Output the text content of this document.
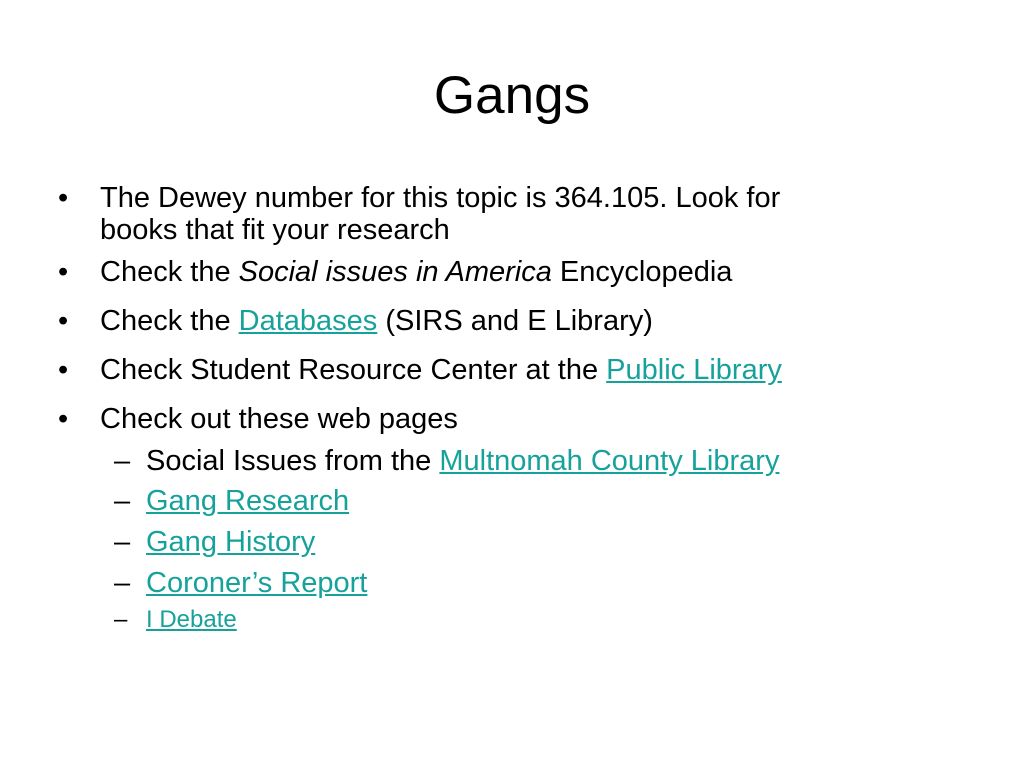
Gangs
• The Dewey number for this topic is 364.105. Look for
books that fit your research
• Check the Social issues in America Encyclopedia
• Check the Databases (SIRS and E Library)
• Check Student Resource Center at the Public Library
• Check out these web pages
– Social Issues from the Multnomah County Library
– Gang Research
– Gang History
– Coroner’s Report
– I Debate
